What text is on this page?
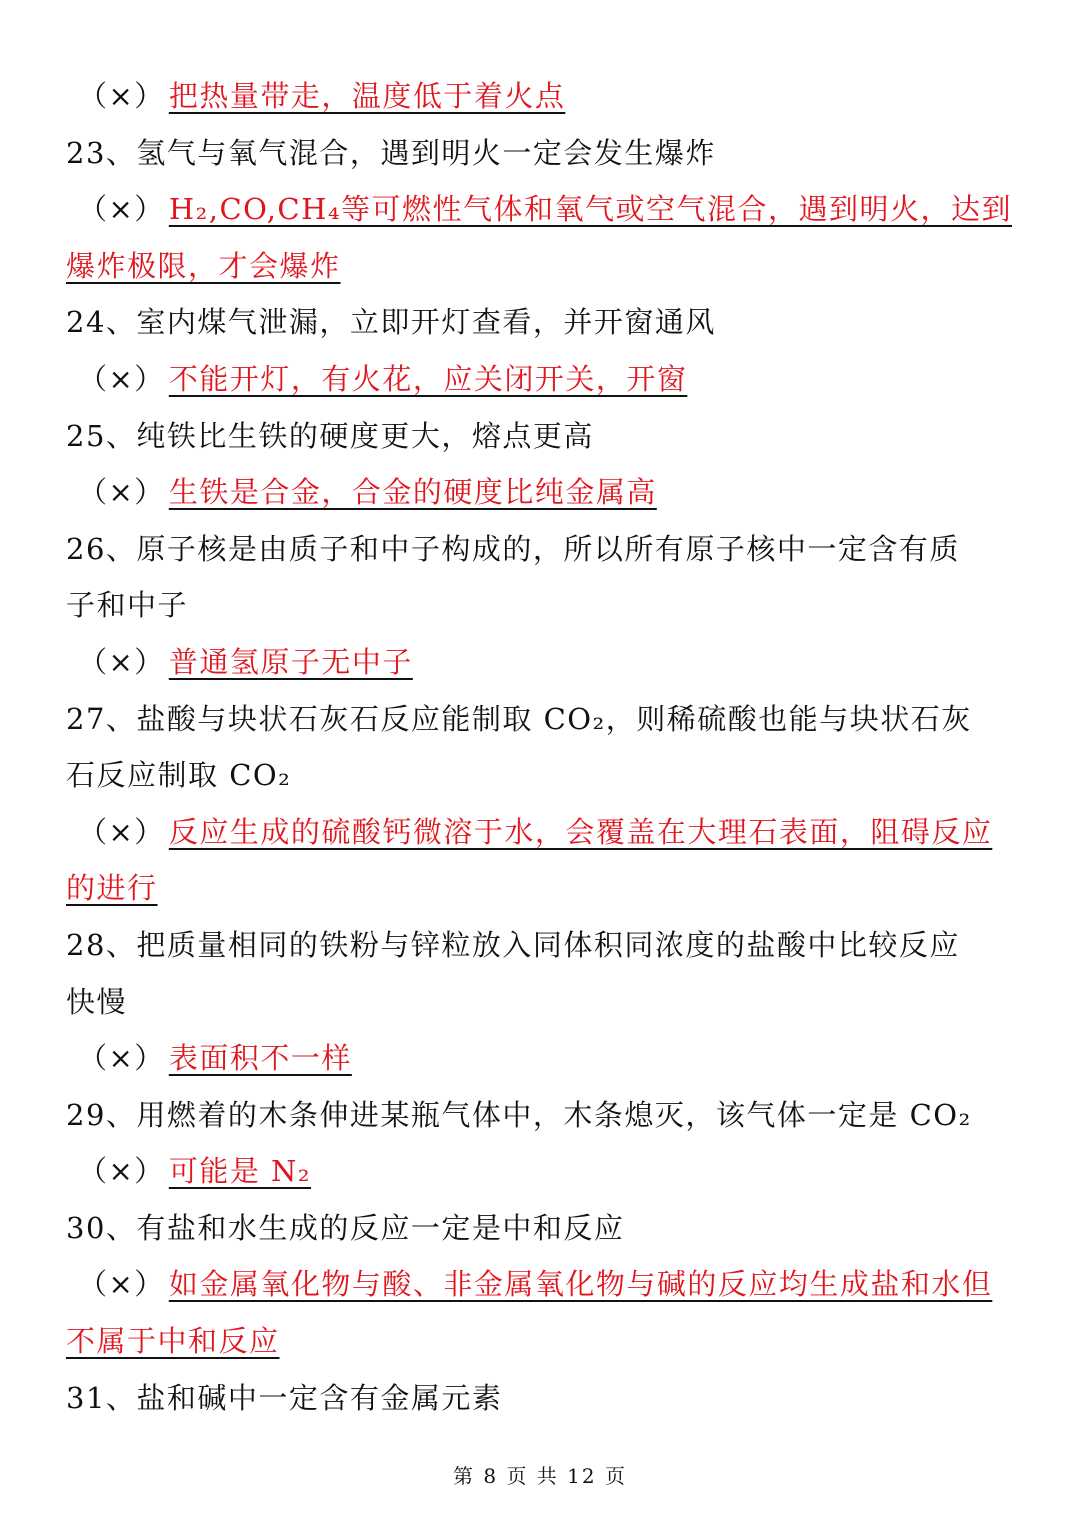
（×） 把热量带走，温度低于着火点
23、氢气与氧气混合，遇到明火一定会发生爆炸
（×） H₂,CO,CH₄等可燃性气体和氧气或空气混合，遇到明火，达到
爆炸极限，才会爆炸
24、室内煤气泄漏，立即开灯查看，并开窗通风
（×） 不能开灯，有火花，应关闭开关，开窗
25、纯铁比生铁的硬度更大，熔点更高
（×） 生铁是合金，合金的硬度比纯金属高
26、原子核是由质子和中子构成的，所以所有原子核中一定含有质
子和中子
（×） 普通氢原子无中子
27、盐酸与块状石灰石反应能制取 CO₂，则稀硫酸也能与块状石灰
石反应制取 CO₂
（×） 反应生成的硫酸钙微溶于水，会覆盖在大理石表面，阻碍反应
的进行
28、把质量相同的铁粉与锌粒放入同体积同浓度的盐酸中比较反应
快慢
（×） 表面积不一样
29、用燃着的木条伸进某瓶气体中，木条熄灭，该气体一定是 CO₂
（×） 可能是 N₂
30、有盐和水生成的反应一定是中和反应
（×） 如金属氧化物与酸、非金属氧化物与碱的反应均生成盐和水但
不属于中和反应
31、盐和碱中一定含有金属元素
第 8 页 共 12 页
